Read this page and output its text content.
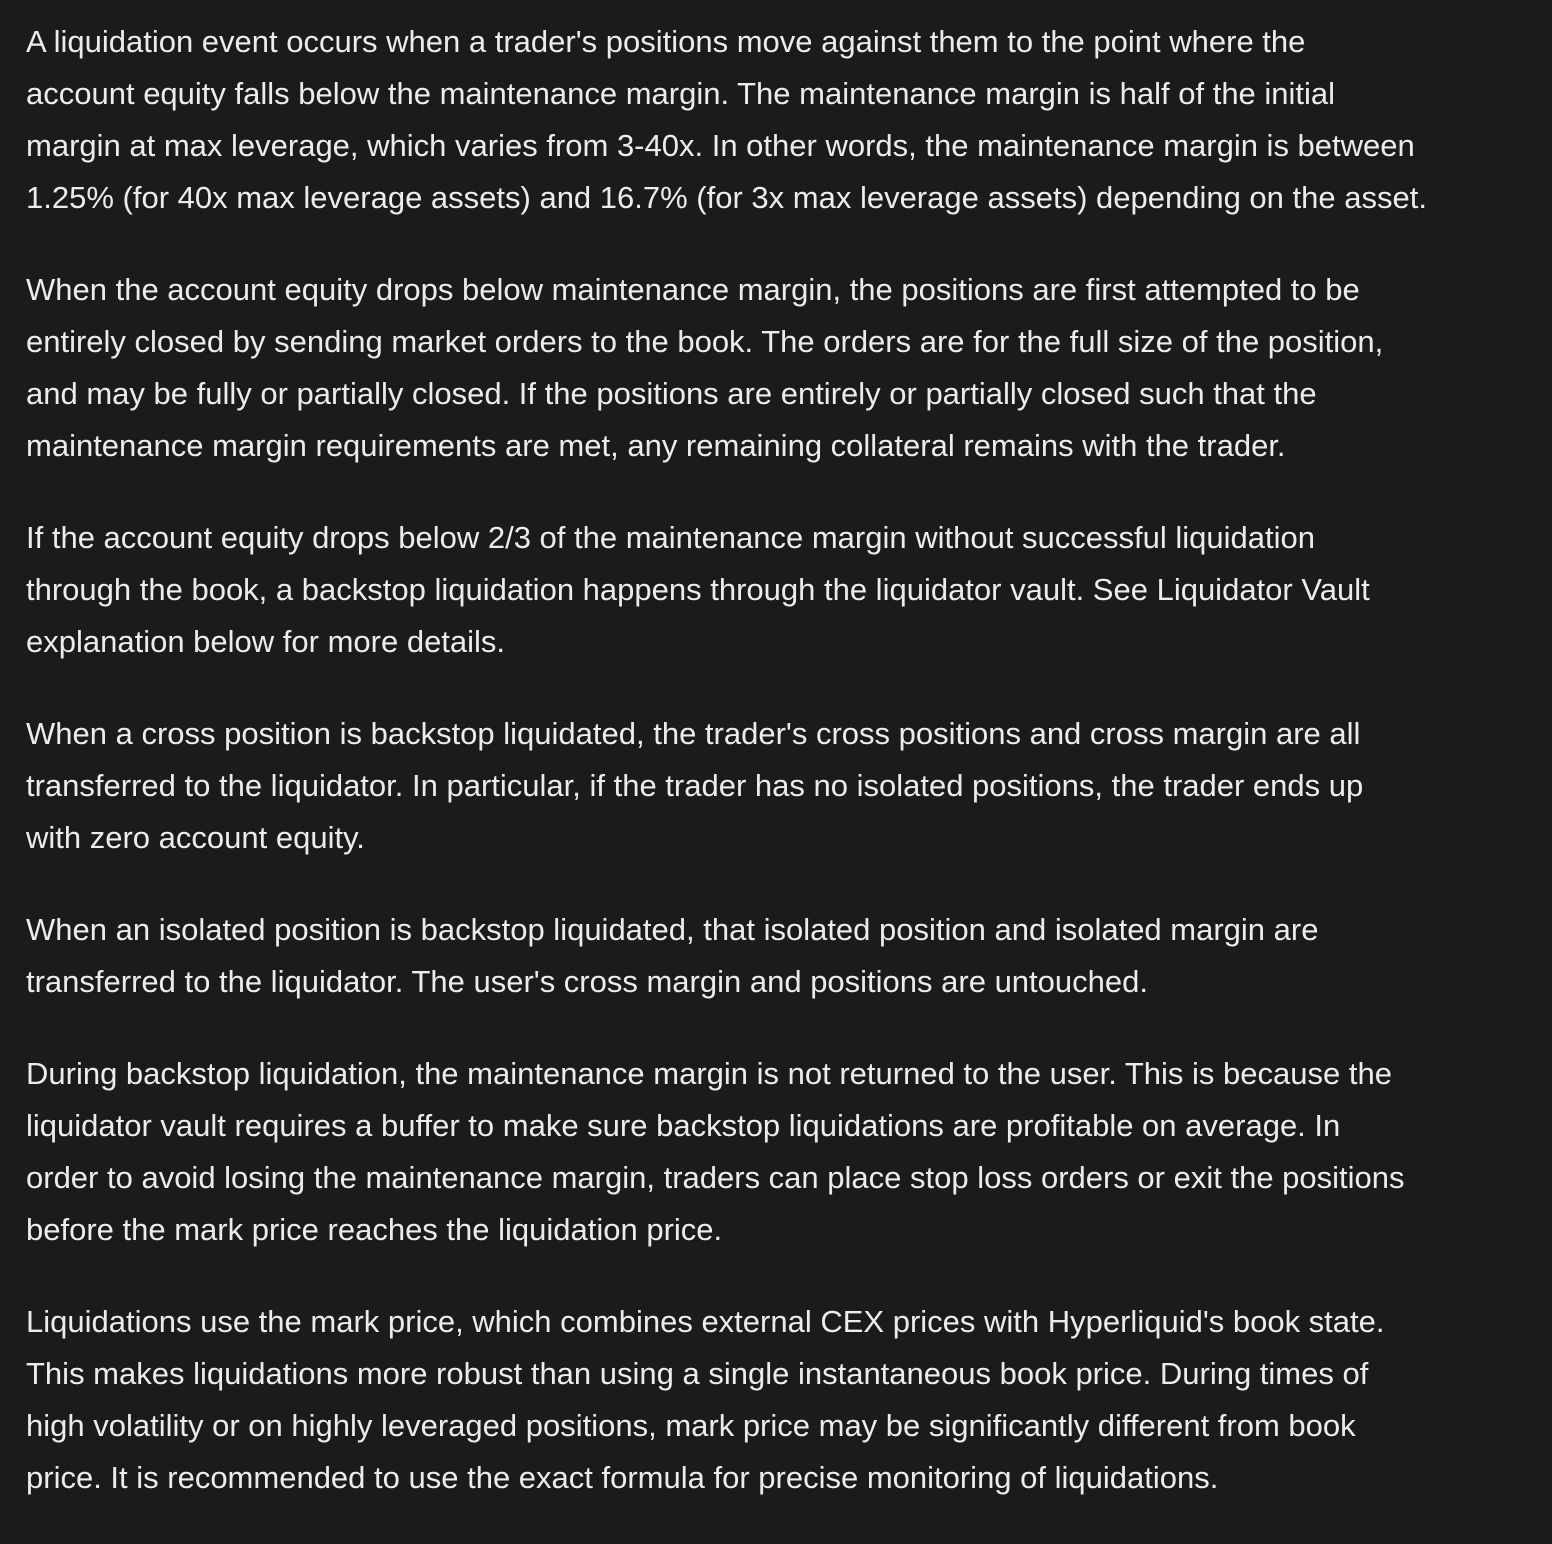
A liquidation event occurs when a trader's positions move against them to the point where the
account equity falls below the maintenance margin. The maintenance margin is half of the initial
margin at max leverage, which varies from 3-40x. In other words, the maintenance margin is between
1.25% (for 40x max leverage assets) and 16.7% (for 3x max leverage assets) depending on the asset.

When the account equity drops below maintenance margin, the positions are first attempted to be
entirely closed by sending market orders to the book. The orders are for the full size of the position,
and may be fully or partially closed. If the positions are entirely or partially closed such that the
maintenance margin requirements are met, any remaining collateral remains with the trader.

If the account equity drops below 2/3 of the maintenance margin without successful liquidation
through the book, a backstop liquidation happens through the liquidator vault. See Liquidator Vault
explanation below for more details.

When a cross position is backstop liquidated, the trader's cross positions and cross margin are all
transferred to the liquidator. In particular, if the trader has no isolated positions, the trader ends up
with zero account equity.

When an isolated position is backstop liquidated, that isolated position and isolated margin are
transferred to the liquidator. The user's cross margin and positions are untouched.

During backstop liquidation, the maintenance margin is not returned to the user. This is because the
liquidator vault requires a buffer to make sure backstop liquidations are profitable on average. In
order to avoid losing the maintenance margin, traders can place stop loss orders or exit the positions
before the mark price reaches the liquidation price.

Liquidations use the mark price, which combines external CEX prices with Hyperliquid's book state.
This makes liquidations more robust than using a single instantaneous book price. During times of
high volatility or on highly leveraged positions, mark price may be significantly different from book
price. It is recommended to use the exact formula for precise monitoring of liquidations.
